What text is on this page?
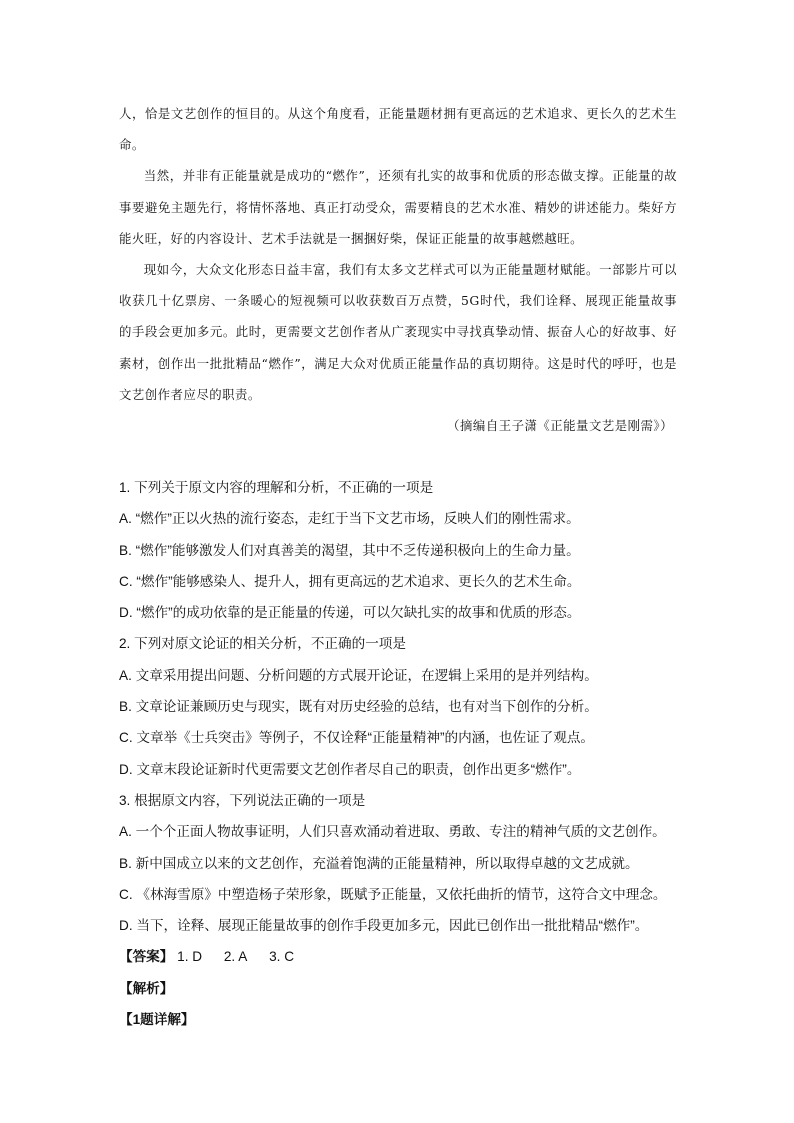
人，恰是文艺创作的恒目的。从这个角度看，正能量题材拥有更高远的艺术追求、更长久的艺术生命。

当然，并非有正能量就是成功的“燃作”，还须有扎实的故事和优质的形态做支撑。正能量的故事要避免主题先行，将情怀落地、真正打动受众，需要精良的艺术水准、精妙的讲述能力。柴好方能火旺，好的内容设计、艺术手法就是一捆捆好柴，保证正能量的故事越燃越旺。

现如今，大众文化形态日益丰富，我们有太多文艺样式可以为正能量题材赋能。一部影片可以收获几十亿票房、一条暖心的短视频可以收获数百万点赞，5G时代，我们诠释、展现正能量故事的手段会更加多元。此时，更需要文艺创作者从广袤现实中寻找真挚动情、振奋人心的好故事、好素材，创作出一批批精品“燃作”，满足大众对优质正能量作品的真切期待。这是时代的呼吁，也是文艺创作者应尽的职责。

（摘编自王子潇《正能量文艺是刚需》）

1. 下列关于原文内容的理解和分析，不正确的一项是
A. “燃作”正以火热的流行姿态，走红于当下文艺市场，反映人们的刚性需求。
B. “燃作”能够激发人们对真善美的渴望，其中不乏传递积极向上的生命力量。
C. “燃作”能够感染人、提升人，拥有更高远的艺术追求、更长久的艺术生命。
D. “燃作”的成功依靠的是正能量的传递，可以欠缺扎实的故事和优质的形态。
2. 下列对原文论证的相关分析，不正确的一项是
A. 文章采用提出问题、分析问题的方式展开论证，在逻辑上采用的是并列结构。
B. 文章论证兼顾历史与现实，既有对历史经验的总结，也有对当下创作的分析。
C. 文章举《士兵突击》等例子，不仅诠释“正能量精神”的内涵，也佐证了观点。
D. 文章末段论证新时代更需要文艺创作者尽自己的职责，创作出更多“燃作”。
3. 根据原文内容，下列说法正确的一项是
A. 一个个正面人物故事证明，人们只喜欢涌动着进取、勇敢、专注的精神气质的文艺创作。
B. 新中国成立以来的文艺创作，充溢着饱满的正能量精神，所以取得卓越的文艺成就。
C. 《林海雪原》中塑造杨子荣形象，既赋予正能量，又依托曲折的情节，这符合文中理念。
D. 当下，诠释、展现正能量故事的创作手段更加多元，因此已创作出一批批精品“燃作”。
【答案】 1. D 2. A 3. C
【解析】
【1题详解】
